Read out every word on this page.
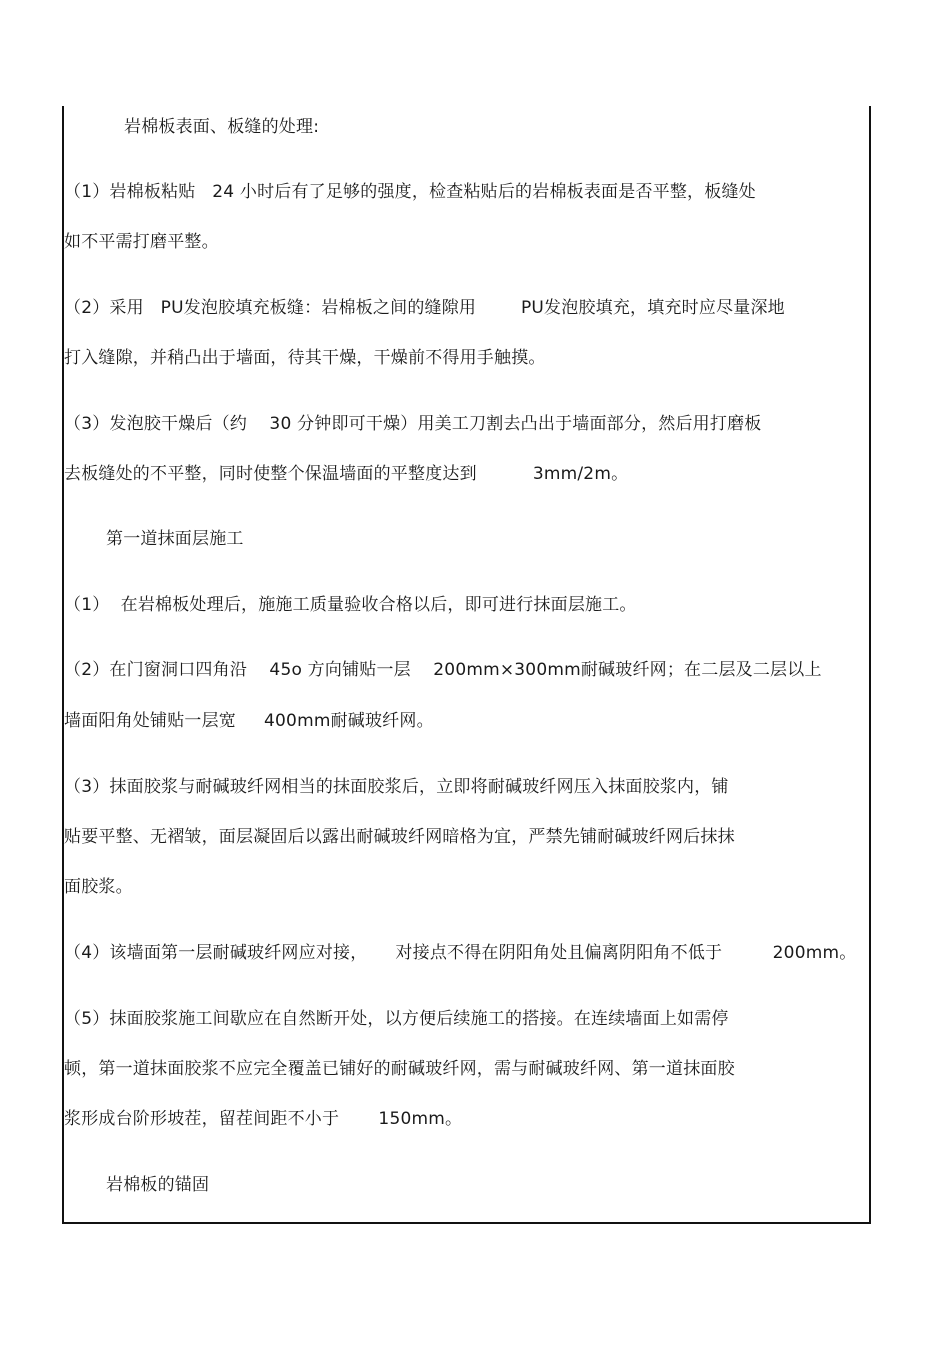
岩棉板表面、板缝的处理:
（1）岩棉板粘贴   24 小时后有了足够的强度，检查粘贴后的岩棉板表面是否平整，板缝处
如不平需打磨平整。
（2）采用   PU发泡胶填充板缝：岩棉板之间的缝隙用        PU发泡胶填充，填充时应尽量深地
打入缝隙，并稍凸出于墙面，待其干燥，干燥前不得用手触摸。
（3）发泡胶干燥后（约    30 分钟即可干燥）用美工刀割去凸出于墙面部分，然后用打磨板
去板缝处的不平整，同时使整个保温墙面的平整度达到          3mm/2m。
第一道抹面层施工
（1）  在岩棉板处理后，施施工质量验收合格以后，即可进行抹面层施工。
（2）在门窗洞口四角沿    45o 方向铺贴一层    200mm×300mm耐碱玻纤网；在二层及二层以上
墙面阳角处铺贴一层宽     400mm耐碱玻纤网。
（3）抹面胶浆与耐碱玻纤网相当的抹面胶浆后，立即将耐碱玻纤网压入抹面胶浆内，铺
贴要平整、无褶皱，面层凝固后以露出耐碱玻纤网暗格为宜，严禁先铺耐碱玻纤网后抹抹
面胶浆。
（4）该墙面第一层耐碱玻纤网应对接，     对接点不得在阴阳角处且偏离阴阳角不低于         200mm。
（5）抹面胶浆施工间歇应在自然断开处，以方便后续施工的搭接。在连续墙面上如需停
顿，第一道抹面胶浆不应完全覆盖已铺好的耐碱玻纤网，需与耐碱玻纤网、第一道抹面胶
浆形成台阶形坡茬，留茬间距不小于       150mm。
岩棉板的锚固
